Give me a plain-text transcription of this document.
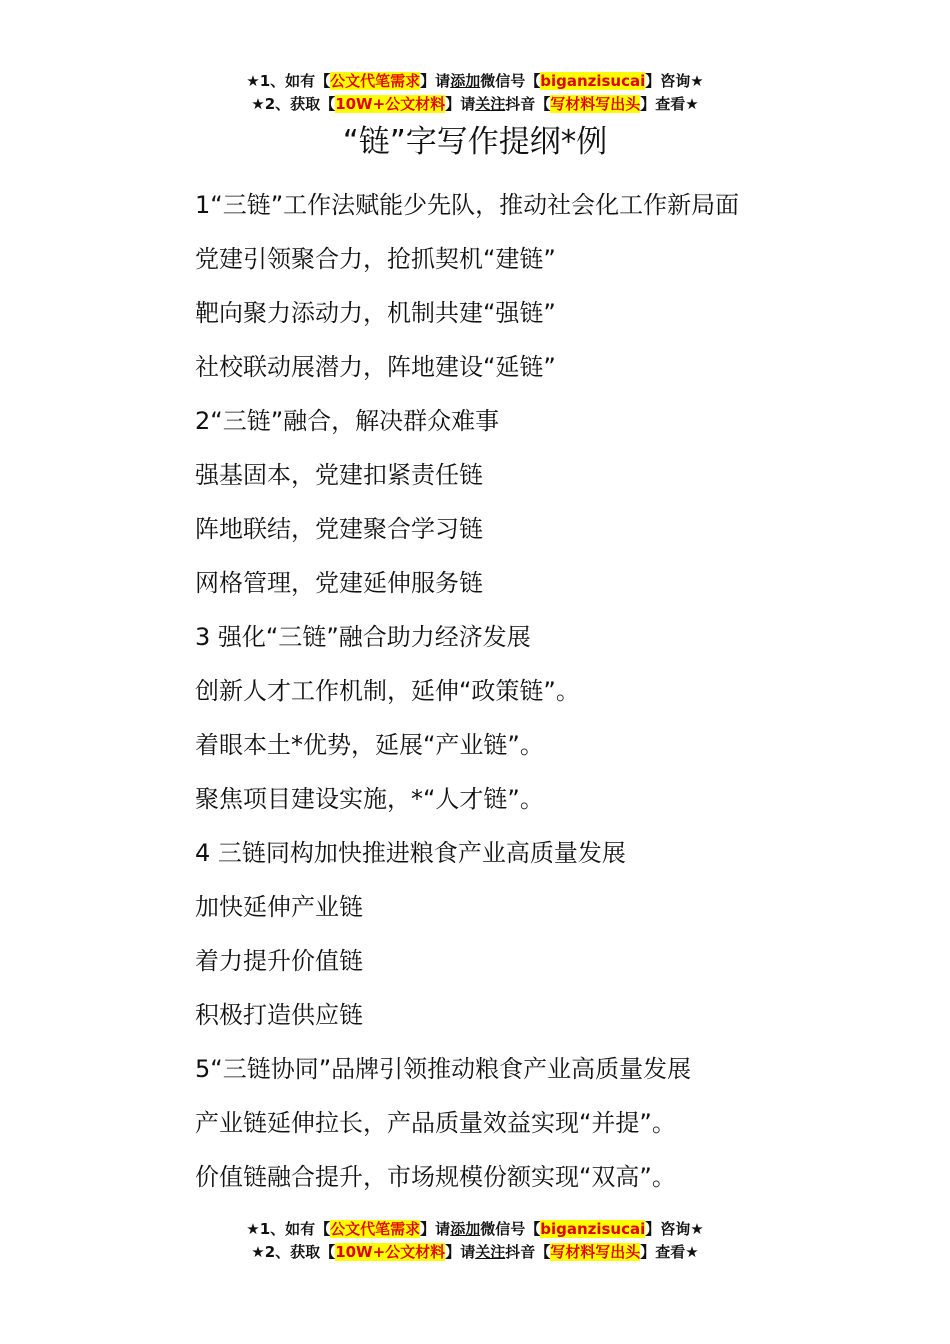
★1、如有【公文代笔需求】请添加微信号【biganzisucai】咨询★
★2、获取【10W+公文材料】请关注抖音【写材料写出头】查看★
“链”字写作提纲*例
1“三链”工作法赋能少先队，推动社会化工作新局面
党建引领聚合力，抢抓契机“建链”
靶向聚力添动力，机制共建“强链”
社校联动展潜力，阵地建设“延链”
2“三链”融合，解决群众难事
强基固本，党建扣紧责任链
阵地联结，党建聚合学习链
网格管理，党建延伸服务链
3 强化“三链”融合助力经济发展
创新人才工作机制，延伸“政策链”。
着眼本土*优势，延展“产业链”。
聚焦项目建设实施，*“人才链”。
4 三链同构加快推进粮食产业高质量发展
加快延伸产业链
着力提升价值链
积极打造供应链
5“三链协同”品牌引领推动粮食产业高质量发展
产业链延伸拉长，产品质量效益实现“并提”。
价值链融合提升，市场规模份额实现“双高”。
★1、如有【公文代笔需求】请添加微信号【biganzisucai】咨询★
★2、获取【10W+公文材料】请关注抖音【写材料写出头】查看★
